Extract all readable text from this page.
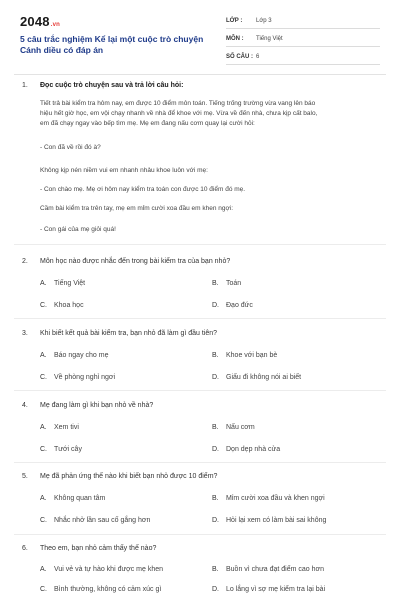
2048.vn
5 câu trắc nghiệm Kể lại một cuộc trò chuyện Cánh diều có đáp án
LỚP :	Lớp 3
MÔN :	Tiếng Việt
SỐ CÂU : 6
1. Đọc cuộc trò chuyện sau và trả lời câu hỏi:

Tiết trả bài kiểm tra hôm nay, em được 10 điểm môn toán. Tiếng trống trường vừa vang lên báo

hiệu hết giờ học, em vội chạy nhanh về nhà để khoe với mẹ. Vừa về đến nhà, chưa kịp cất balo,

em đã chạy ngay vào bếp tìm mẹ. Mẹ em đang nấu cơm quay lại cười hỏi:

- Con đã về rồi đó à?

Không kịp nén niềm vui em nhanh nhảu khoe luôn với mẹ:

- Con chào mẹ. Mẹ ơi hôm nay kiểm tra toán con được 10 điểm đó mẹ.

Cầm bài kiểm tra trên tay, mẹ em mỉm cười xoa đầu em khen ngợi:

- Con gái của mẹ giỏi quá!

2. Môn học nào được nhắc đến trong bài kiểm tra của bạn nhỏ?
A. Tiếng Việt	B. Toán
C. Khoa học	D. Đạo đức
3. Khi biết kết quả bài kiểm tra, bạn nhỏ đã làm gì đầu tiên?
A. Báo ngay cho mẹ	B. Khoe với bạn bè
C. Về phòng nghỉ ngơi	D. Giấu đi không nói ai biết
4. Mẹ đang làm gì khi bạn nhỏ về nhà?
A. Xem tivi	B. Nấu cơm
C. Tưới cây	D. Dọn dẹp nhà cửa
5. Mẹ đã phản ứng thế nào khi biết bạn nhỏ được 10 điểm?
A. Không quan tâm	B. Mỉm cười xoa đầu và khen ngợi
C. Nhắc nhở lần sau cố gắng hơn	D. Hỏi lại xem có làm bài sai không
6. Theo em, bạn nhỏ cảm thấy thế nào?
A. Vui vẻ và tự hào khi được mẹ khen	B. Buồn vì chưa đạt điểm cao hơn
C. Bình thường, không có cảm xúc gì	D. Lo lắng vì sợ mẹ kiểm tra lại bài
